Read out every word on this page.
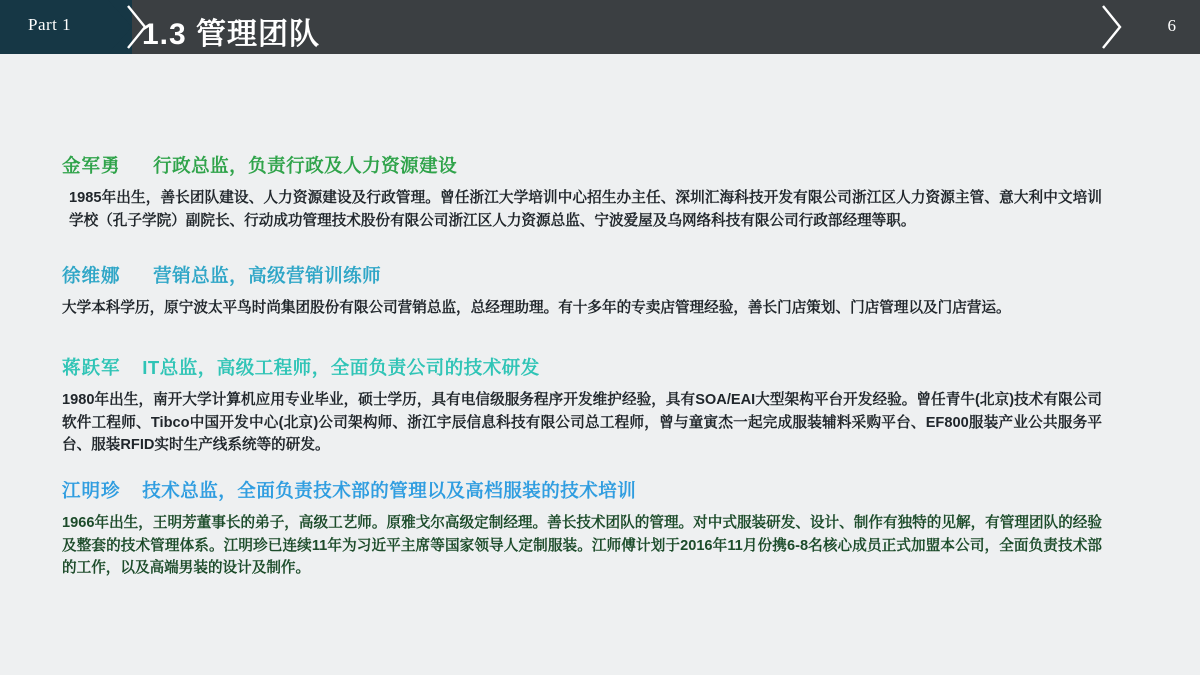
Part 1 1.3 管理团队	6
金军勇 行政总监，负责行政及人力资源建设
1985年出生，善长团队建设、人力资源建设及行政管理。曾任浙江大学培训中心招生办主任、深圳汇海科技开发有限公司浙江区人力资源主管、意大利中文培训学校（孔子学院）副院长、行动成功管理技术股份有限公司浙江区人力资源总监、宁波爱屋及乌网络科技有限公司行政部经理等职。
徐维娜 营销总监，高级营销训练师
大学本科学历，原宁波太平鸟时尚集团股份有限公司营销总监，总经理助理。有十多年的专卖店管理经验，善长门店策划、门店管理以及门店营运。
蒋跃军 IT总监，高级工程师，全面负责公司的技术研发
1980年出生，南开大学计算机应用专业毕业，硕士学历，具有电信级服务程序开发维护经验，具有SOA/EAI大型架构平台开发经验。曾任青牛(北京)技术有限公司软件工程师、Tibco中国开发中心(北京)公司架构师、浙江宇辰信息科技有限公司总工程师，曾与童寅杰一起完成服装辅料采购平台、EF800服装产业公共服务平台、服装RFID实时生产线系统等的研发。
江明珍 技术总监，全面负责技术部的管理以及高档服装的技术培训
1966年出生，王明芳董事长的弟子，高级工艺师。原雅戈尔高级定制经理。善长技术团队的管理。对中式服装研发、设计、制作有独特的见解，有管理团队的经验及整套的技术管理体系。江明珍已连续11年为习近平主席等国家领导人定制服装。江师傅计划于2016年11月份携6-8名核心成员正式加盟本公司，全面负责技术部的工作，以及高端男装的设计及制作。
